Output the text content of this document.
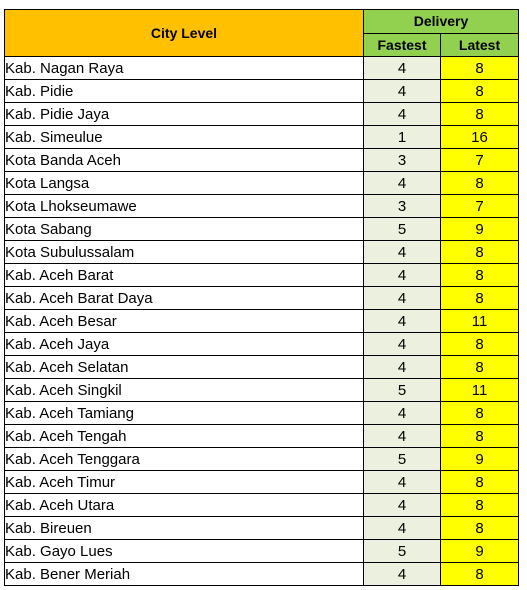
City Level	Delivery	
	Fastest	Latest
Kab. Nagan Raya	4	8
Kab. Pidie	4	8
Kab. Pidie Jaya	4	8
Kab. Simeulue	1	16
Kota Banda Aceh	3	7
Kota Langsa	4	8
Kota Lhokseumawe	3	7
Kota Sabang	5	9
Kota Subulussalam	4	8
Kab. Aceh Barat	4	8
Kab. Aceh Barat Daya	4	8
Kab. Aceh Besar	4	11
Kab. Aceh Jaya	4	8
Kab. Aceh Selatan	4	8
Kab. Aceh Singkil	5	11
Kab. Aceh Tamiang	4	8
Kab. Aceh Tengah	4	8
Kab. Aceh Tenggara	5	9
Kab. Aceh Timur	4	8
Kab. Aceh Utara	4	8
Kab. Bireuen	4	8
Kab. Gayo Lues	5	9
Kab. Bener Meriah	4	8
